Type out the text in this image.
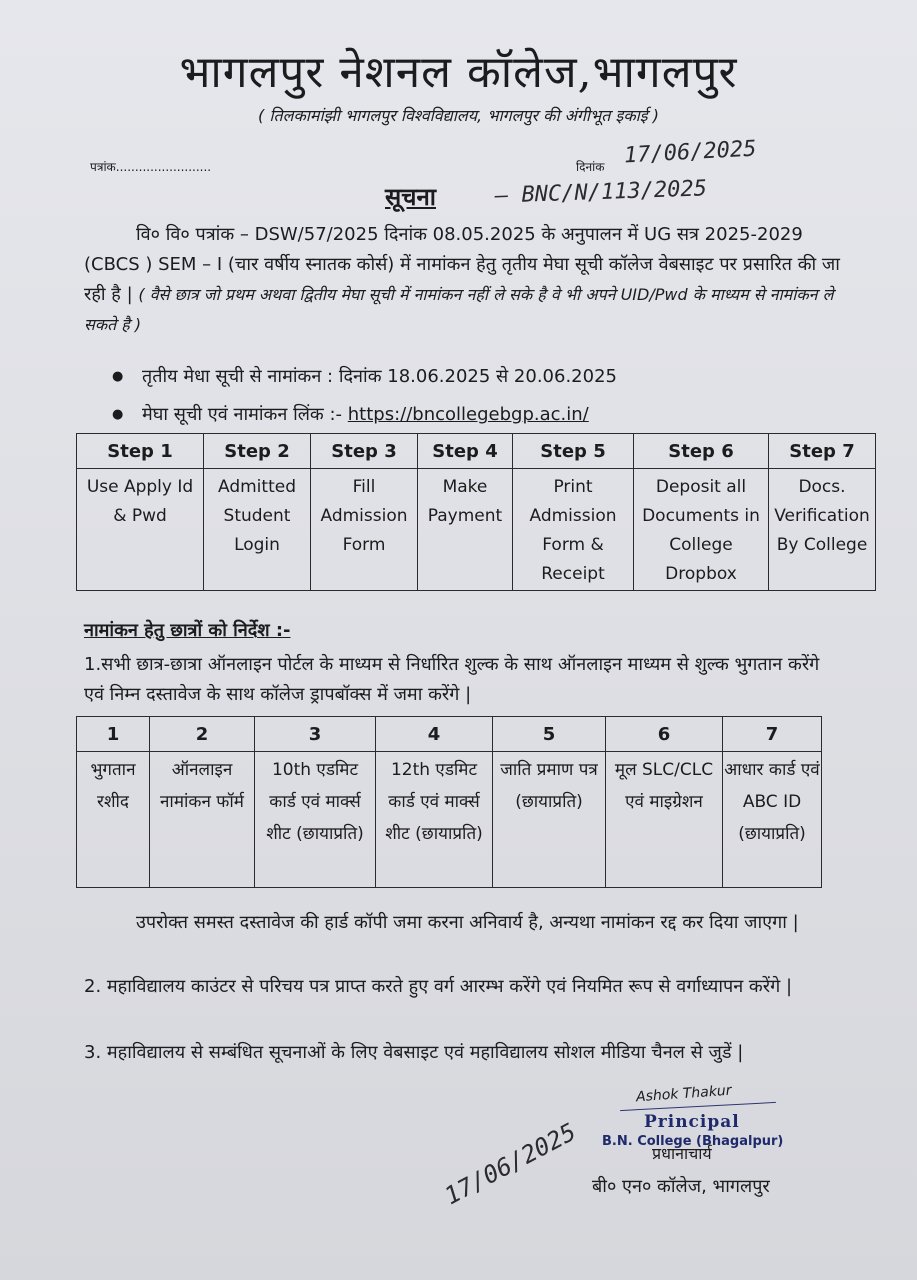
भागलपुर नेशनल कॉलेज,भागलपुर
( तिलकामांझी भागलपुर विश्वविद्यालय, भागलपुर की अंगीभूत इकाई )
पत्रांक.........................	दिनांक 17/06/2025
सूचना	– BNC/N/113/2025
वि० वि० पत्रांक – DSW/57/2025 दिनांक 08.05.2025 के अनुपालन में UG सत्र 2025-2029 (CBCS ) SEM – I (चार वर्षीय स्नातक कोर्स) में नामांकन हेतु तृतीय मेघा सूची कॉलेज वेबसाइट पर प्रसारित की जा रही है | ( वैसे छात्र जो प्रथम अथवा द्वितीय मेघा सूची में नामांकन नहीं ले सके है वे भी अपने UID/Pwd के माध्यम से नामांकन ले सकते है )
● तृतीय मेधा सूची से नामांकन : दिनांक 18.06.2025 से 20.06.2025
● मेघा सूची एवं नामांकन लिंक :- https://bncollegebgp.ac.in/
Step 1	Step 2	Step 3	Step 4	Step 5	Step 6	Step 7
Use Apply Id & Pwd	Admitted Student Login	Fill Admission Form	Make Payment	Print Admission Form & Receipt	Deposit all Documents in College Dropbox	Docs. Verification By College
नामांकन हेतु छात्रों को निर्देश :-
1.सभी छात्र-छात्रा ऑनलाइन पोर्टल के माध्यम से निर्धारित शुल्क के साथ ऑनलाइन माध्यम से शुल्क भुगतान करेंगे एवं निम्न दस्तावेज के साथ कॉलेज ड्रापबॉक्स में जमा करेंगे |
1	2	3	4	5	6	7
भुगतान रशीद	ऑनलाइन नामांकन फॉर्म	10th एडमिट कार्ड एवं मार्क्स शीट (छायाप्रति)	12th एडमिट कार्ड एवं मार्क्स शीट (छायाप्रति)	जाति प्रमाण पत्र (छायाप्रति)	मूल SLC/CLC एवं माइग्रेशन	आधार कार्ड एवं ABC ID (छायाप्रति)
उपरोक्त समस्त दस्तावेज की हार्ड कॉपी जमा करना अनिवार्य है, अन्यथा नामांकन रद्द कर दिया जाएगा |
2. महाविद्यालय काउंटर से परिचय पत्र प्राप्त करते हुए वर्ग आरम्भ करेंगे एवं नियमित रूप से वर्गाध्यापन करेंगे |
3. महाविद्यालय से सम्बंधित सूचनाओं के लिए वेबसाइट एवं महाविद्यालय सोशल मीडिया चैनल से जुडें |
Ashok Thakur
Principal
B.N. College (Bhagalpur)
प्रधानाचार्य
बी० एन० कॉलेज, भागलपुर
17/06/2025
